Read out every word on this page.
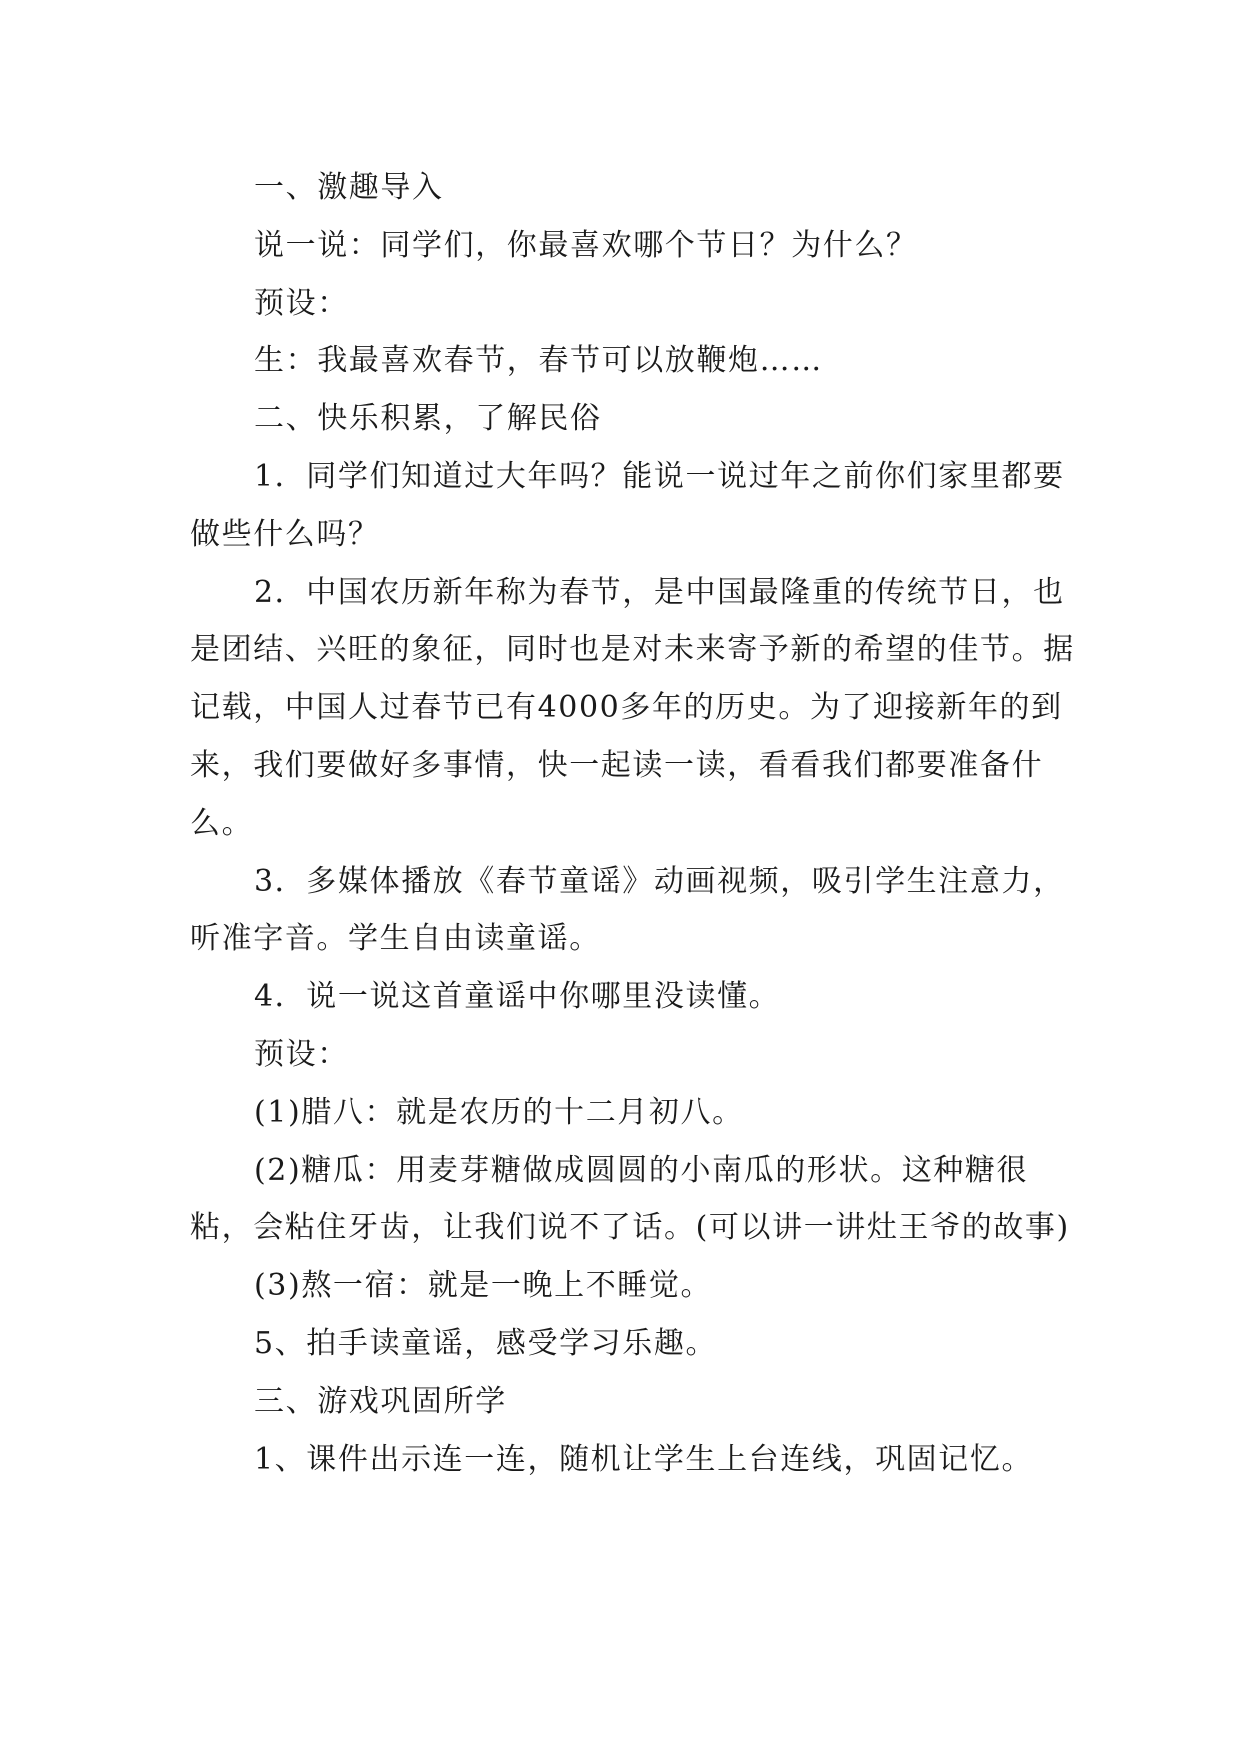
一、激趣导入

说一说：同学们，你最喜欢哪个节日？为什么？

预设：

生：我最喜欢春节，春节可以放鞭炮……

二、快乐积累，了解民俗

1．同学们知道过大年吗？能说一说过年之前你们家里都要做些什么吗？

2．中国农历新年称为春节，是中国最隆重的传统节日，也是团结、兴旺的象征，同时也是对未来寄予新的希望的佳节。据记载，中国人过春节已有4000多年的历史。为了迎接新年的到来，我们要做好多事情，快一起读一读，看看我们都要准备什么。

3．多媒体播放《春节童谣》动画视频，吸引学生注意力，听准字音。学生自由读童谣。

4．说一说这首童谣中你哪里没读懂。

预设：

(1)腊八：就是农历的十二月初八。

(2)糖瓜：用麦芽糖做成圆圆的小南瓜的形状。这种糖很粘，会粘住牙齿，让我们说不了话。(可以讲一讲灶王爷的故事)

(3)熬一宿：就是一晚上不睡觉。

5、拍手读童谣，感受学习乐趣。

三、游戏巩固所学

1、课件出示连一连，随机让学生上台连线，巩固记忆。
